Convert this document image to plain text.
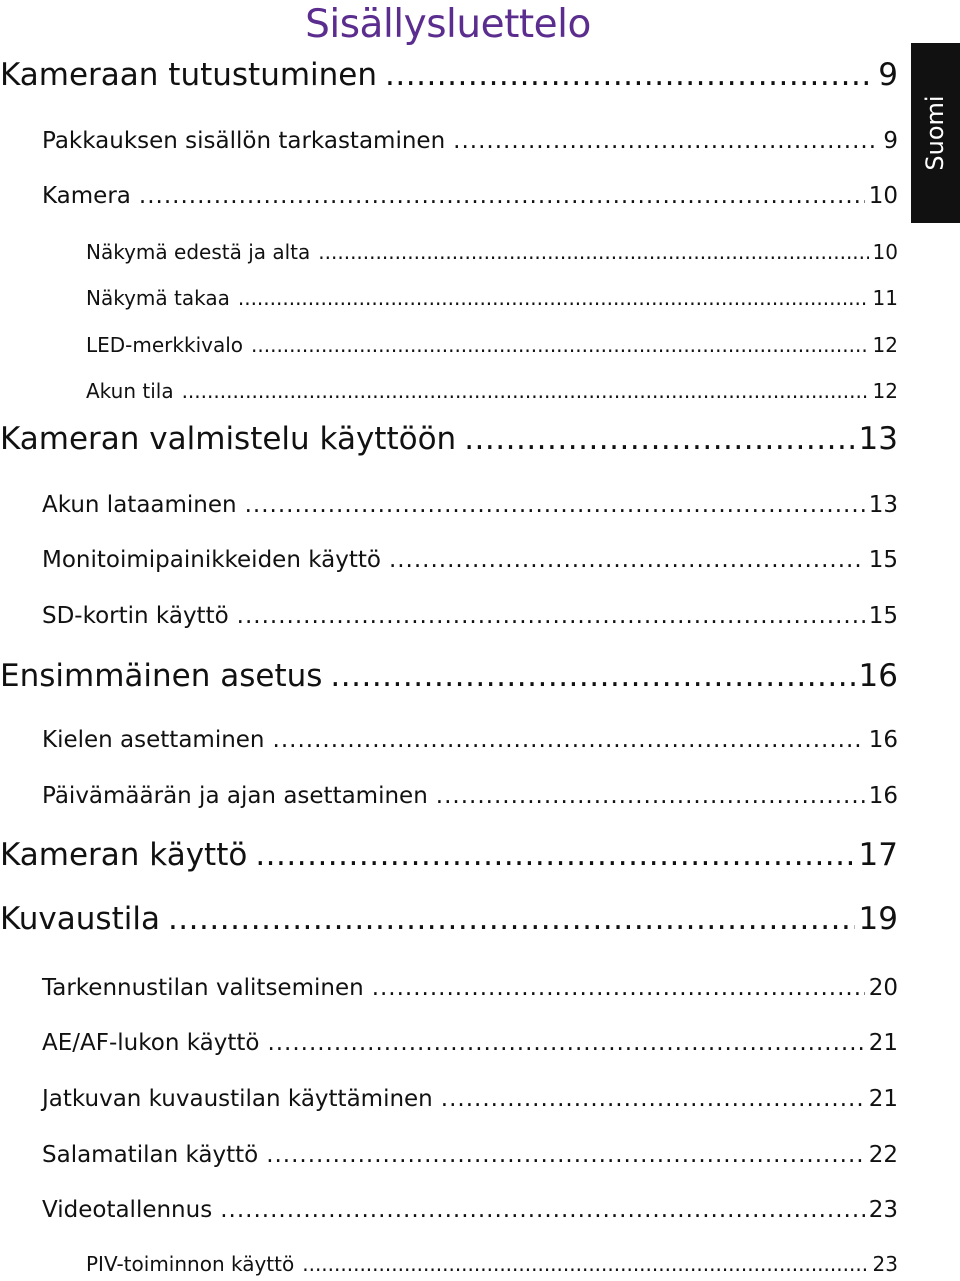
Sisällysluettelo
Suomi
Kameraan tutustuminen .....	9
Pakkauksen sisällön tarkastaminen .....	9
Kamera .....	10
Näkymä edestä ja alta .....	10
Näkymä takaa .....	11
LED-merkkivalo .....	12
Akun tila .....	12
Kameran valmistelu käyttöön .....	13
Akun lataaminen .....	13
Monitoimipainikkeiden käyttö .....	15
SD-kortin käyttö .....	15
Ensimmäinen asetus .....	16
Kielen asettaminen .....	16
Päivämäärän ja ajan asettaminen .....	16
Kameran käyttö .....	17
Kuvaustila .....	19
Tarkennustilan valitseminen .....	20
AE/AF-lukon käyttö .....	21
Jatkuvan kuvaustilan käyttäminen .....	21
Salamatilan käyttö .....	22
Videotallennus .....	23
PIV-toiminnon käyttö .....	23
